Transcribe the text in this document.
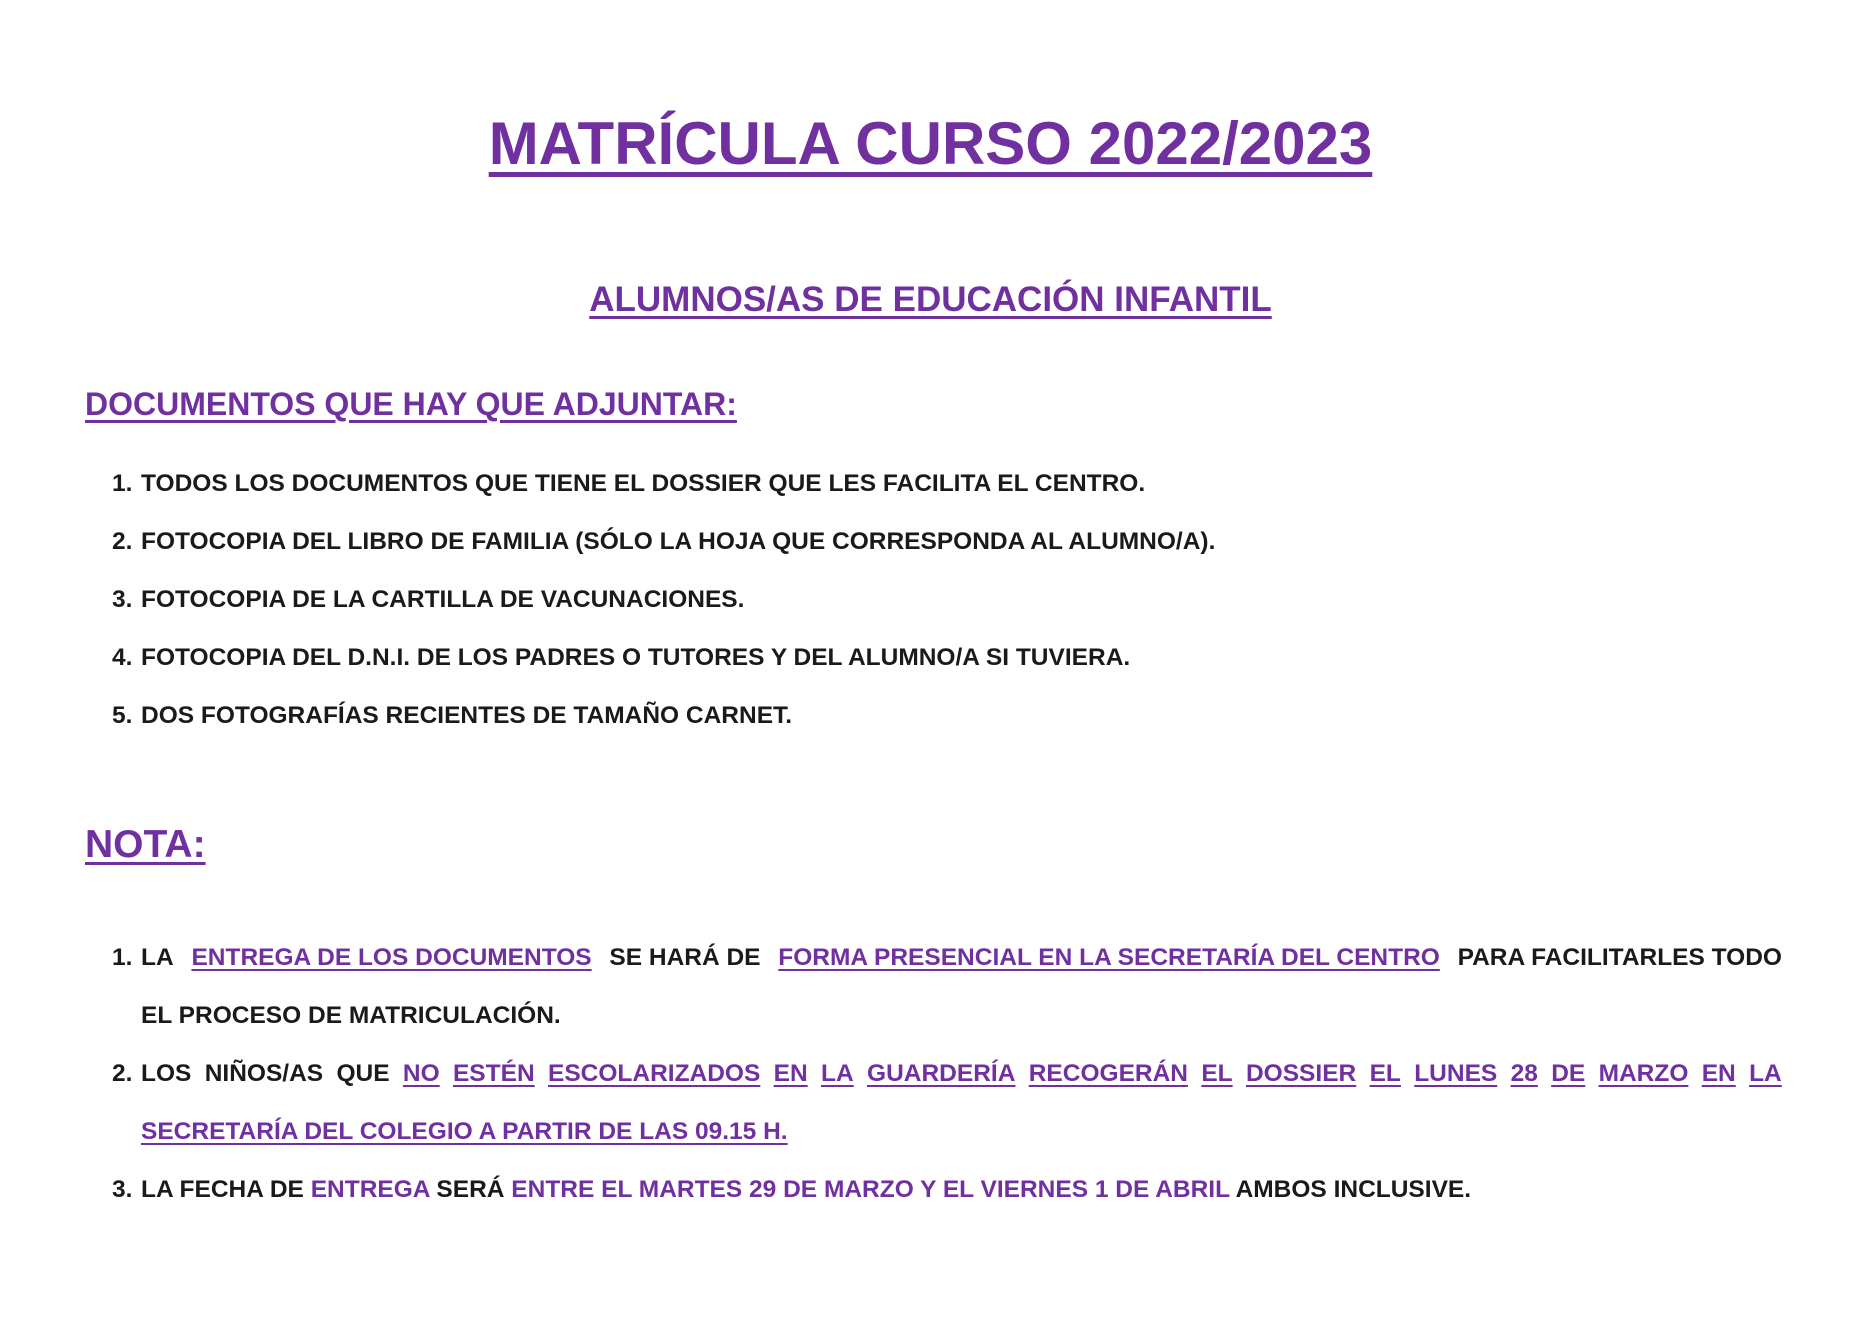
MATRÍCULA CURSO 2022/2023
ALUMNOS/AS DE EDUCACIÓN INFANTIL
DOCUMENTOS QUE HAY QUE ADJUNTAR:
1. TODOS LOS DOCUMENTOS QUE TIENE EL DOSSIER QUE LES FACILITA EL CENTRO.
2. FOTOCOPIA DEL LIBRO DE FAMILIA (SÓLO LA HOJA QUE CORRESPONDA AL ALUMNO/A).
3. FOTOCOPIA DE LA CARTILLA DE VACUNACIONES.
4. FOTOCOPIA DEL D.N.I. DE LOS PADRES O TUTORES Y DEL ALUMNO/A SI TUVIERA.
5. DOS FOTOGRAFÍAS RECIENTES DE TAMAÑO CARNET.
NOTA:
1. LA ENTREGA DE LOS DOCUMENTOS SE HARÁ DE FORMA PRESENCIAL EN LA SECRETARÍA DEL CENTRO PARA FACILITARLES TODO
EL PROCESO DE MATRICULACIÓN.
2. LOS NIÑOS/AS QUE NO ESTÉN ESCOLARIZADOS EN LA GUARDERÍA RECOGERÁN EL DOSSIER EL LUNES 28 DE MARZO EN LA
SECRETARÍA DEL COLEGIO A PARTIR DE LAS 09.15 H.
3. LA FECHA DE ENTREGA SERÁ ENTRE EL MARTES 29 DE MARZO Y EL VIERNES 1 DE ABRIL AMBOS INCLUSIVE.
